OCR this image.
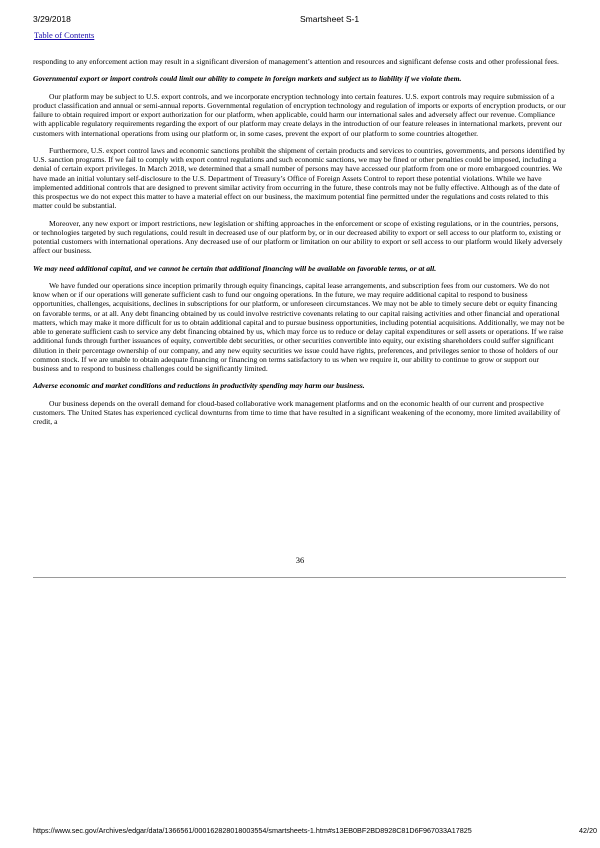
3/29/2018	Smartsheet S-1
Table of Contents

responding to any enforcement action may result in a significant diversion of management’s attention and resources and significant defense costs and other professional fees.

Governmental export or import controls could limit our ability to compete in foreign markets and subject us to liability if we violate them.

Our platform may be subject to U.S. export controls, and we incorporate encryption technology into certain features. U.S. export controls may require submission of a product classification and annual or semi-annual reports. Governmental regulation of encryption technology and regulation of imports or exports of encryption products, or our failure to obtain required import or export authorization for our platform, when applicable, could harm our international sales and adversely affect our revenue. Compliance with applicable regulatory requirements regarding the export of our platform may create delays in the introduction of our feature releases in international markets, prevent our customers with international operations from using our platform or, in some cases, prevent the export of our platform to some countries altogether.

Furthermore, U.S. export control laws and economic sanctions prohibit the shipment of certain products and services to countries, governments, and persons identified by U.S. sanction programs. If we fail to comply with export control regulations and such economic sanctions, we may be fined or other penalties could be imposed, including a denial of certain export privileges. In March 2018, we determined that a small number of persons may have accessed our platform from one or more embargoed countries. We have made an initial voluntary self-disclosure to the U.S. Department of Treasury’s Office of Foreign Assets Control to report these potential violations. While we have implemented additional controls that are designed to prevent similar activity from occurring in the future, these controls may not be fully effective. Although as of the date of this prospectus we do not expect this matter to have a material effect on our business, the maximum potential fine permitted under the regulations and costs related to this matter could be substantial.

Moreover, any new export or import restrictions, new legislation or shifting approaches in the enforcement or scope of existing regulations, or in the countries, persons, or technologies targeted by such regulations, could result in decreased use of our platform by, or in our decreased ability to export or sell access to our platform to, existing or potential customers with international operations. Any decreased use of our platform or limitation on our ability to export or sell access to our platform would likely adversely affect our business.

We may need additional capital, and we cannot be certain that additional financing will be available on favorable terms, or at all.

We have funded our operations since inception primarily through equity financings, capital lease arrangements, and subscription fees from our customers. We do not know when or if our operations will generate sufficient cash to fund our ongoing operations. In the future, we may require additional capital to respond to business opportunities, challenges, acquisitions, declines in subscriptions for our platform, or unforeseen circumstances. We may not be able to timely secure debt or equity financing on favorable terms, or at all. Any debt financing obtained by us could involve restrictive covenants relating to our capital raising activities and other financial and operational matters, which may make it more difficult for us to obtain additional capital and to pursue business opportunities, including potential acquisitions. Additionally, we may not be able to generate sufficient cash to service any debt financing obtained by us, which may force us to reduce or delay capital expenditures or sell assets or operations. If we raise additional funds through further issuances of equity, convertible debt securities, or other securities convertible into equity, our existing shareholders could suffer significant dilution in their percentage ownership of our company, and any new equity securities we issue could have rights, preferences, and privileges senior to those of holders of our common stock. If we are unable to obtain adequate financing or financing on terms satisfactory to us when we require it, our ability to continue to grow or support our business and to respond to business challenges could be significantly limited.

Adverse economic and market conditions and reductions in productivity spending may harm our business.

Our business depends on the overall demand for cloud-based collaborative work management platforms and on the economic health of our current and prospective customers. The United States has experienced cyclical downturns from time to time that have resulted in a significant weakening of the economy, more limited availability of credit, a

36
https://www.sec.gov/Archives/edgar/data/1366561/000162828018003554/smartsheets-1.htm#s13EB0BF2BD8928C81D6F967033A17825	42/20
